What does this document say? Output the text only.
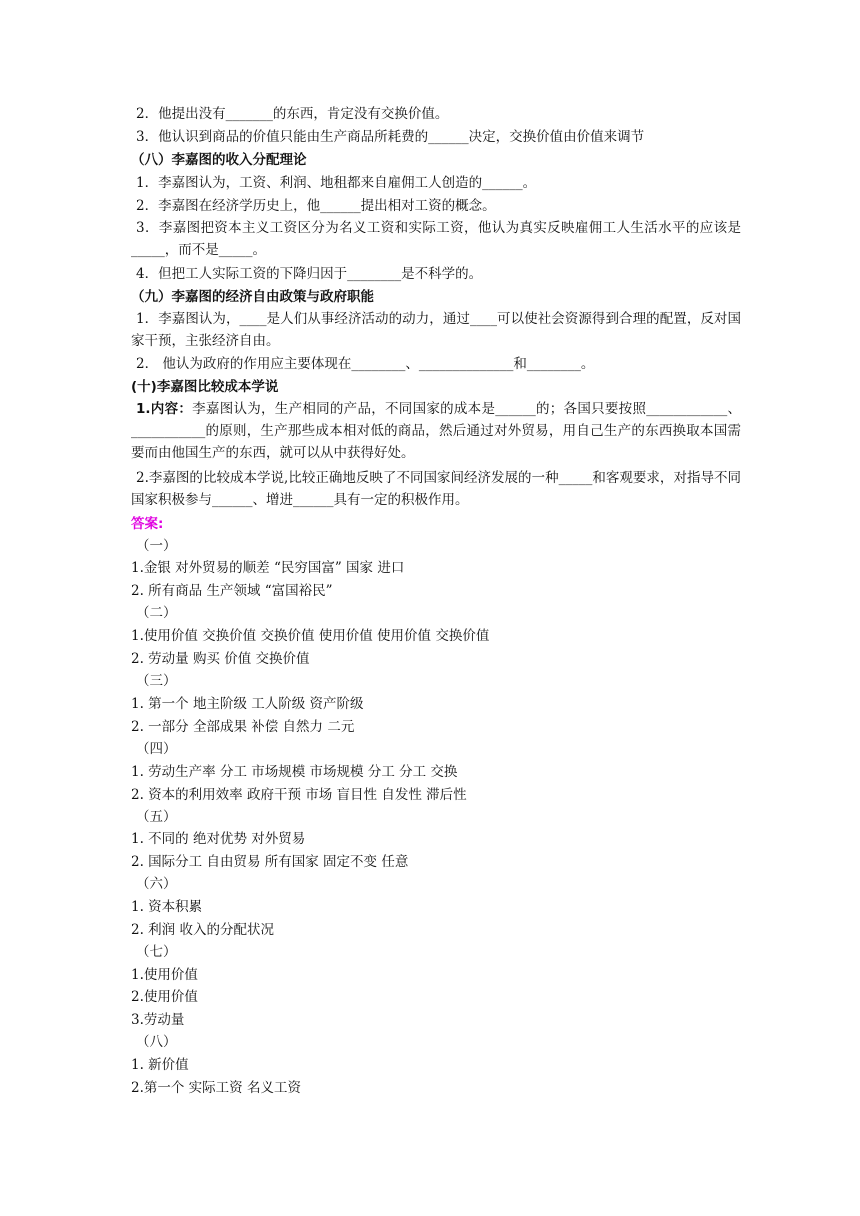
2．他提出没有_______的东西，肯定没有交换价值。
3．他认识到商品的价值只能由生产商品所耗费的______决定，交换价值由价值来调节
（八）李嘉图的收入分配理论
1．李嘉图认为，工资、利润、地租都来自雇佣工人创造的______。
2．李嘉图在经济学历史上，他______提出相对工资的概念。
3．李嘉图把资本主义工资区分为名义工资和实际工资，他认为真实反映雇佣工人生活水平的应该是_____，而不是_____。
4．但把工人实际工资的下降归因于________是不科学的。
（九）李嘉图的经济自由政策与政府职能
1．李嘉图认为，____是人们从事经济活动的动力，通过____可以使社会资源得到合理的配置，反对国家干预，主张经济自由。
2． 他认为政府的作用应主要体现在________、______________和________。
(十)李嘉图比较成本学说
1.内容：李嘉图认为，生产相同的产品，不同国家的成本是______的；各国只要按照____________、___________的原则，生产那些成本相对低的商品，然后通过对外贸易，用自己生产的东西换取本国需要而由他国生产的东西，就可以从中获得好处。
2.李嘉图的比较成本学说,比较正确地反映了不同国家间经济发展的一种_____和客观要求，对指导不同国家积极参与______、增进______具有一定的积极作用。
答案:
（一）
1.金银 对外贸易的顺差 “民穷国富” 国家 进口
2. 所有商品 生产领域 “富国裕民”
（二）
1.使用价值 交换价值 交换价值 使用价值 使用价值 交换价值
2. 劳动量 购买 价值 交换价值
（三）
1. 第一个 地主阶级 工人阶级 资产阶级
2. 一部分 全部成果 补偿 自然力 二元
（四）
1. 劳动生产率 分工 市场规模 市场规模 分工 分工 交换
2. 资本的利用效率 政府干预 市场 盲目性 自发性 滞后性
（五）
1. 不同的 绝对优势 对外贸易
2. 国际分工 自由贸易 所有国家 固定不变 任意
（六）
1. 资本积累
2. 利润 收入的分配状况
（七）
1.使用价值
2.使用价值
3.劳动量
（八）
1. 新价值
2.第一个 实际工资 名义工资
